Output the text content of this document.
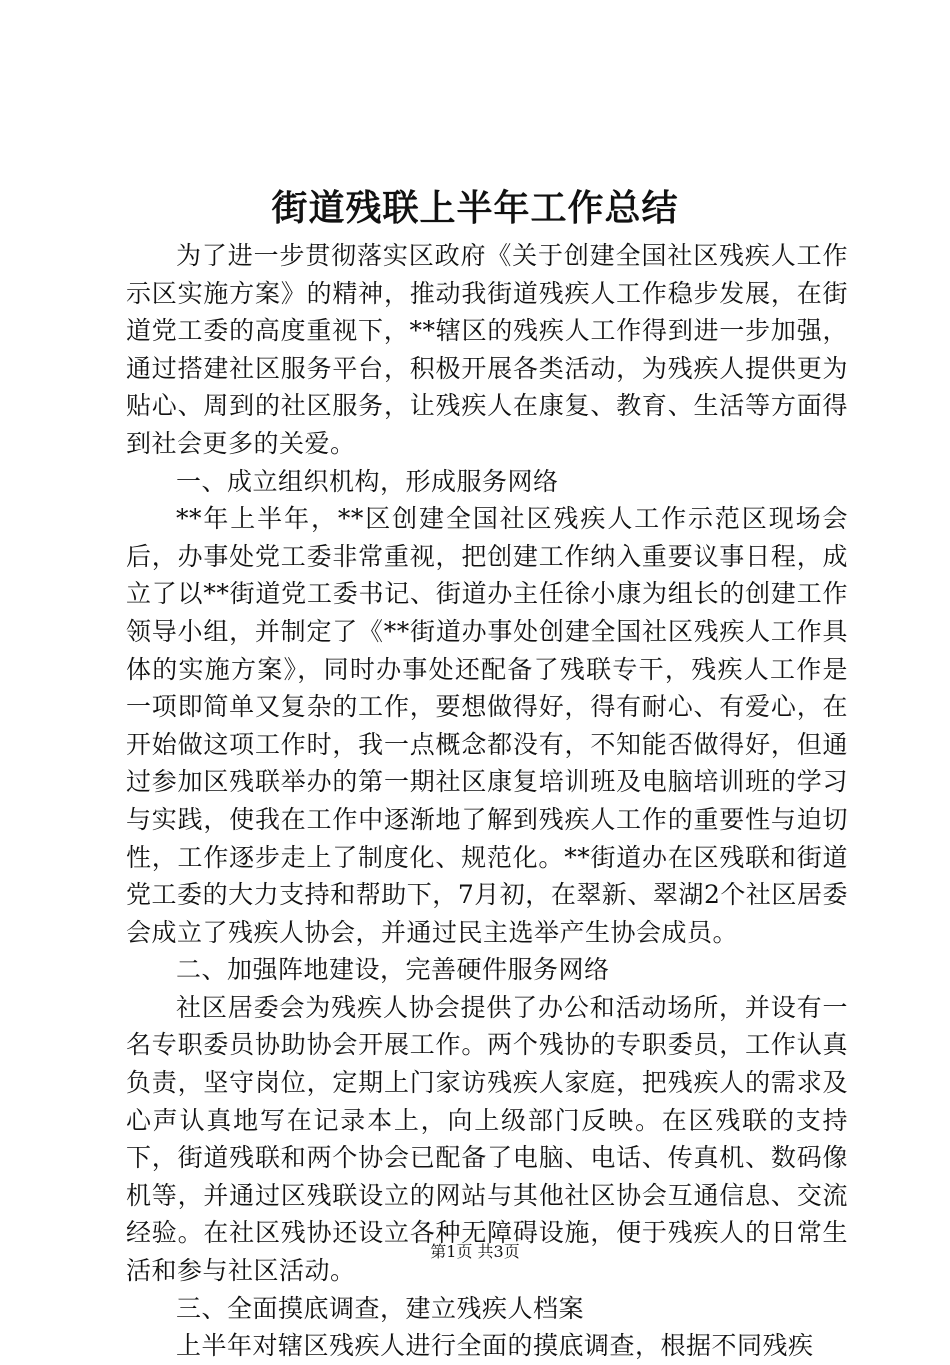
街道残联上半年工作总结

为了进一步贯彻落实区政府《关于创建全国社区残疾人工作示区实施方案》的精神，推动我街道残疾人工作稳步发展，在街道党工委的高度重视下，**辖区的残疾人工作得到进一步加强，通过搭建社区服务平台，积极开展各类活动，为残疾人提供更为贴心、周到的社区服务，让残疾人在康复、教育、生活等方面得到社会更多的关爱。

一、成立组织机构，形成服务网络

**年上半年，**区创建全国社区残疾人工作示范区现场会后，办事处党工委非常重视，把创建工作纳入重要议事日程，成立了以**街道党工委书记、街道办主任徐小康为组长的创建工作领导小组，并制定了《**街道办事处创建全国社区残疾人工作具体的实施方案》，同时办事处还配备了残联专干，残疾人工作是一项即简单又复杂的工作，要想做得好，得有耐心、有爱心，在开始做这项工作时，我一点概念都没有，不知能否做得好，但通过参加区残联举办的第一期社区康复培训班及电脑培训班的学习与实践，使我在工作中逐渐地了解到残疾人工作的重要性与迫切性，工作逐步走上了制度化、规范化。**街道办在区残联和街道党工委的大力支持和帮助下，7月初，在翠新、翠湖2个社区居委会成立了残疾人协会，并通过民主选举产生协会成员。

二、加强阵地建设，完善硬件服务网络

社区居委会为残疾人协会提供了办公和活动场所，并设有一名专职委员协助协会开展工作。两个残协的专职委员，工作认真负责，坚守岗位，定期上门家访残疾人家庭，把残疾人的需求及心声认真地写在记录本上，向上级部门反映。在区残联的支持下，街道残联和两个协会已配备了电脑、电话、传真机、数码像机等，并通过区残联设立的网站与其他社区协会互通信息、交流经验。在社区残协还设立各种无障碍设施，便于残疾人的日常生活和参与社区活动。

三、全面摸底调查，建立残疾人档案

上半年对辖区残疾人进行全面的摸底调查，根据不同残疾

第1页 共3页
